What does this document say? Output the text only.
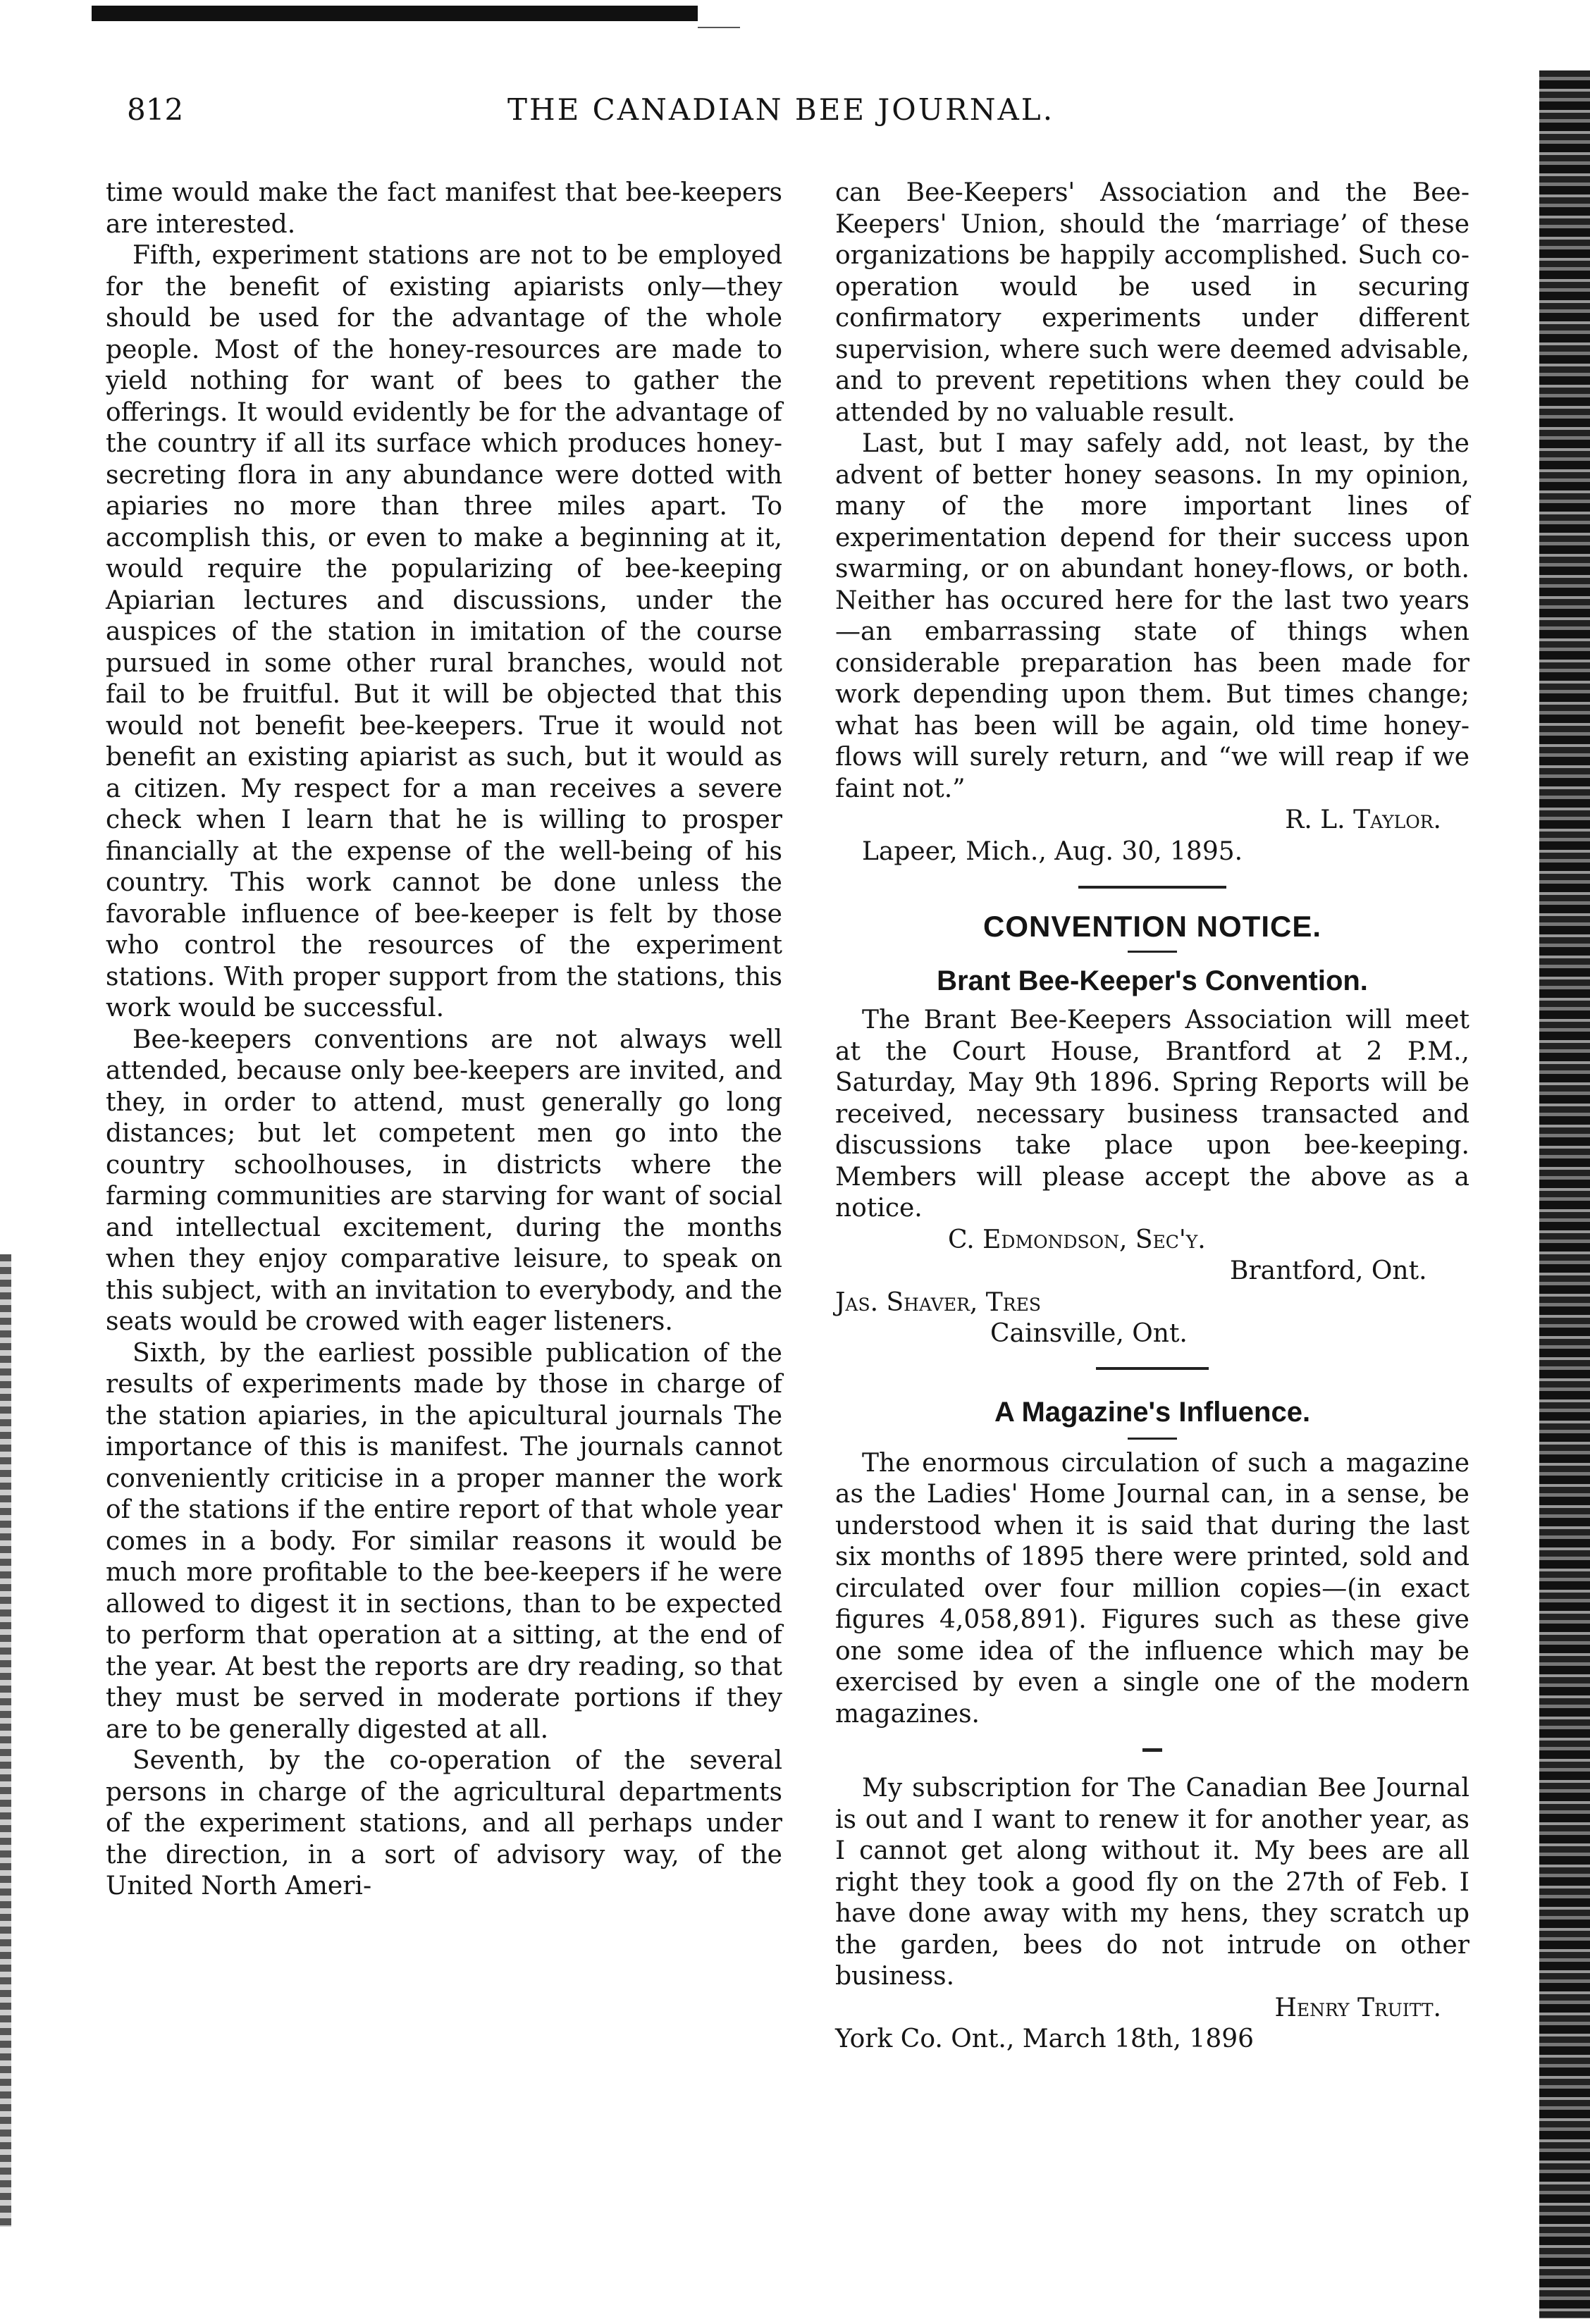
812	THE CANADIAN BEE JOURNAL.

time would make the fact manifest that bee-keepers are interested.

Fifth, experiment stations are not to be employed for the benefit of existing apiarists only—they should be used for the advantage of the whole people. Most of the honey-resources are made to yield nothing for want of bees to gather the offerings. It would evidently be for the advantage of the country if all its surface which produces honey-secreting flora in any abundance were dotted with apiaries no more than three miles apart. To accomplish this, or even to make a beginning at it, would require the popularizing of bee-keeping Apiarian lectures and discussions, under the auspices of the station in imitation of the course pursued in some other rural branches, would not fail to be fruitful. But it will be objected that this would not benefit bee-keepers. True it would not benefit an existing apiarist as such, but it would as a citizen. My respect for a man receives a severe check when I learn that he is willing to prosper financially at the expense of the well-being of his country. This work cannot be done unless the favorable influence of bee-keeper is felt by those who control the resources of the experiment stations. With proper support from the stations, this work would be successful.

Bee-keepers conventions are not always well attended, because only bee-keepers are invited, and they, in order to attend, must generally go long distances; but let competent men go into the country schoolhouses, in districts where the farming communities are starving for want of social and intellectual excitement, during the months when they enjoy comparative leisure, to speak on this subject, with an invitation to everybody, and the seats would be crowed with eager listeners.

Sixth, by the earliest possible publication of the results of experiments made by those in charge of the station apiaries, in the apicultural journals The importance of this is manifest. The journals cannot conveniently criticise in a proper manner the work of the stations if the entire report of that whole year comes in a body. For similar reasons it would be much more profitable to the bee-keepers if he were allowed to digest it in sections, than to be expected to perform that operation at a sitting, at the end of the year. At best the reports are dry reading, so that they must be served in moderate portions if they are to be generally digested at all.

Seventh, by the co-operation of the several persons in charge of the agricultural departments of the experiment stations, and all perhaps under the direction, in a sort of advisory way, of the United North Ameri-

can Bee-Keepers' Association and the Bee-Keepers' Union, should the ‘marriage’ of these organizations be happily accomplished. Such co-operation would be used in securing confirmatory experiments under different supervision, where such were deemed advisable, and to prevent repetitions when they could be attended by no valuable result.

Last, but I may safely add, not least, by the advent of better honey seasons. In my opinion, many of the more important lines of experimentation depend for their success upon swarming, or on abundant honey-flows, or both. Neither has occured here for the last two years—an embarrassing state of things when considerable preparation has been made for work depending upon them. But times change; what has been will be again, old time honey-flows will surely return, and “we will reap if we faint not.”

R. L. Taylor.

Lapeer, Mich., Aug. 30, 1895.

CONVENTION NOTICE.
Brant Bee-Keeper's Convention.

The Brant Bee-Keepers Association will meet at the Court House, Brantford at 2 P.M., Saturday, May 9th 1896. Spring Reports will be received, necessary business transacted and discussions take place upon bee-keeping. Members will please accept the above as a notice.

C. Edmondson, Sec'y.

Brantford, Ont.

Jas. Shaver, Tres

Cainsville, Ont.

A Magazine's Influence.

The enormous circulation of such a magazine as the Ladies' Home Journal can, in a sense, be understood when it is said that during the last six months of 1895 there were printed, sold and circulated over four million copies—(in exact figures 4,058,891). Figures such as these give one some idea of the influence which may be exercised by even a single one of the modern magazines.

My subscription for The Canadian Bee Journal is out and I want to renew it for another year, as I cannot get along without it. My bees are all right they took a good fly on the 27th of Feb. I have done away with my hens, they scratch up the garden, bees do not intrude on other business.

Henry Truitt.

York Co. Ont., March 18th, 1896
